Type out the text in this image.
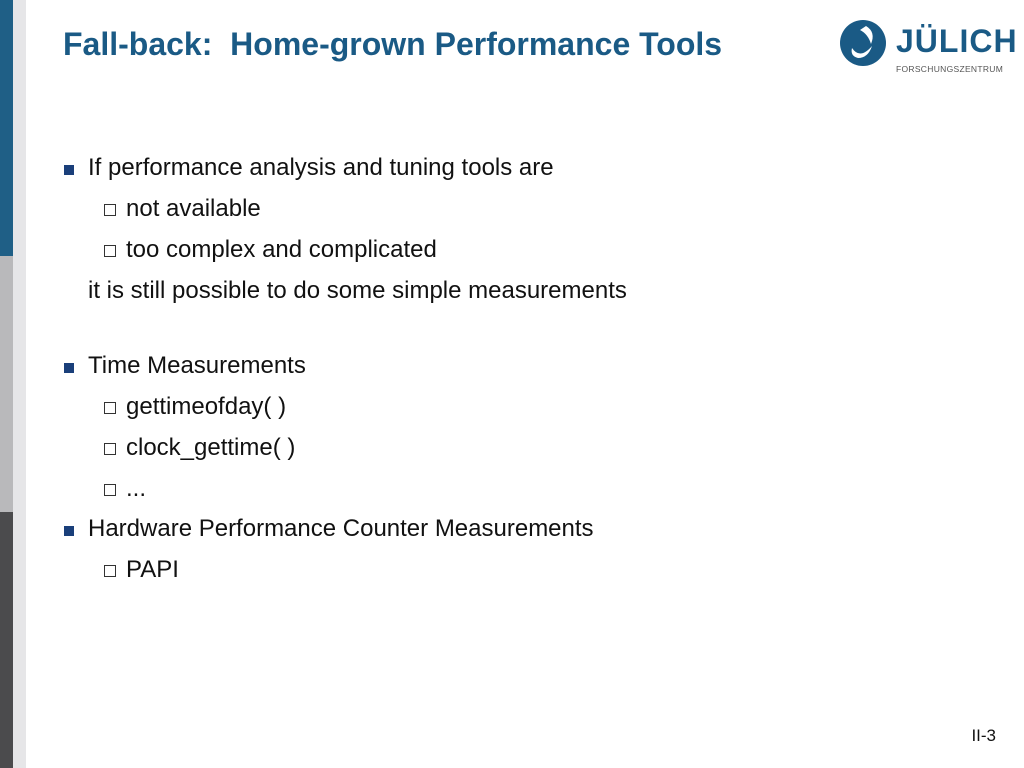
Fall-back:  Home-grown Performance Tools	JÜLICH
FORSCHUNGSZENTRUM
If performance analysis and tuning tools are
not available
too complex and complicated
it is still possible to do some simple measurements
Time Measurements
gettimeofday( )
clock_gettime( )
...
Hardware Performance Counter Measurements
PAPI
II-3
